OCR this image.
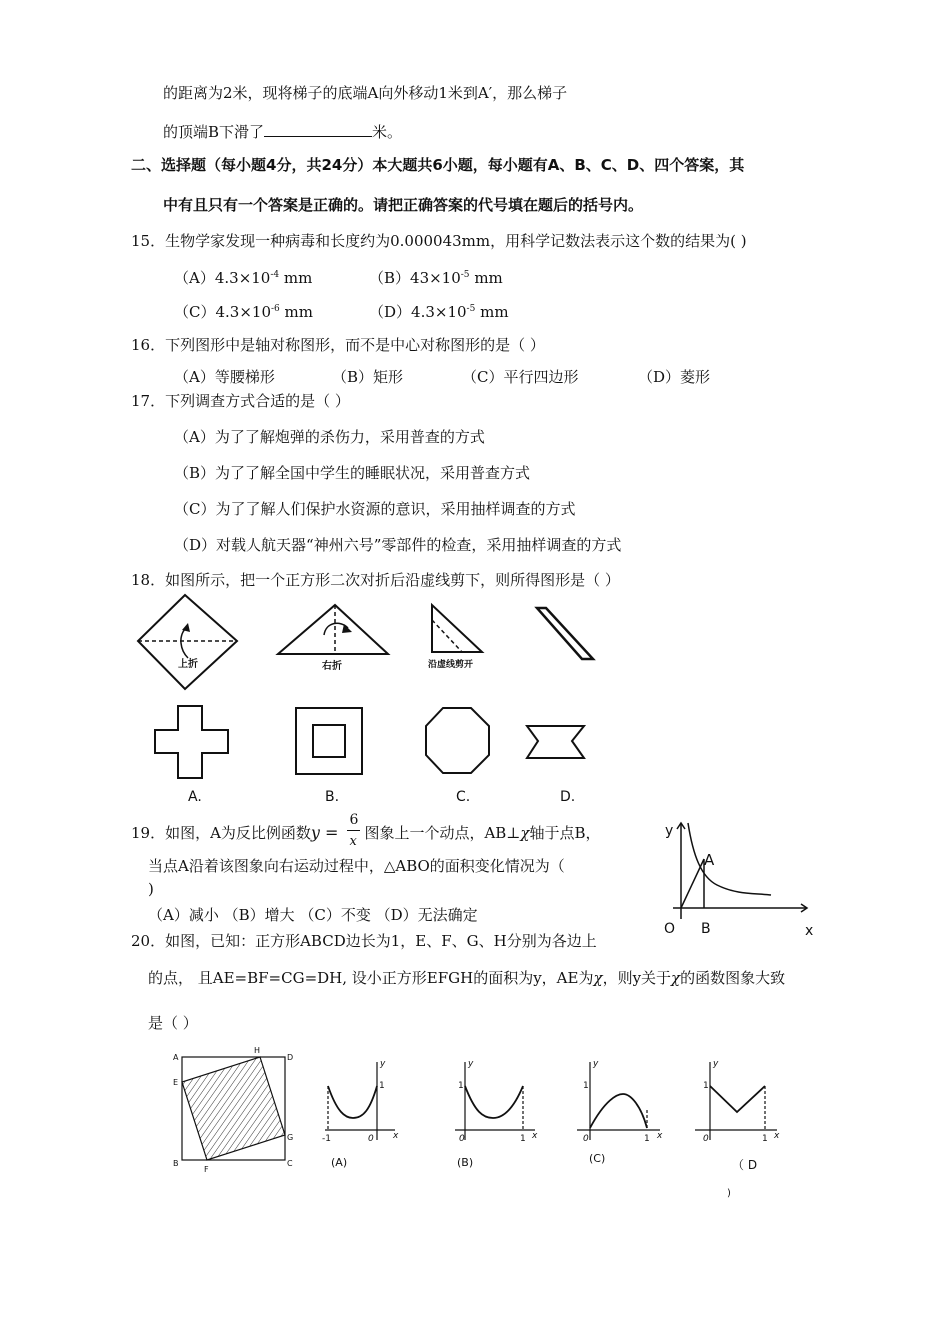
的距离为2米，现将梯子的底端A向外移动1米到A′，那么梯子
的顶端B下滑了	米。
二、选择题（每小题4分，共24分）本大题共6小题，每小题有A、B、C、D、四个答案，其
中有且只有一个答案是正确的。请把正确答案的代号填在题后的括号内。
15．生物学家发现一种病毒和长度约为0.000043mm，用科学记数法表示这个数的结果为( )
$(A)4.3\times 10^{-4}$ mm	$(B)43\times 10^{-5}$ mm
$(C)4.3\times 10^{-6}$ mm	$(D)4.3\times 10^{-5}$ mm
16．下列图形中是轴对称图形，而不是中心对称图形的是（ ）
（A）等腰梯形	（B）矩形	（C）平行四边形	（D）菱形
17．下列调查方式合适的是（ ）
（A）为了了解炮弹的杀伤力，采用普查的方式
（B）为了了解全国中学生的睡眠状况，采用普查方式
（C）为了了解人们保护水资源的意识，采用抽样调查的方式
（D）对载人航天器“神州六号”零部件的检查，采用抽样调查的方式
18．如图所示，把一个正方形二次对折后沿虚线剪下，则所得图形是（ ）
上折	右折	沿虚线剪开
A.	B.	C.	D.
19．如图，A为反比例函数$y = \frac{6}{x}$ 图象上一个动点，AB⊥χ轴于点B，
当点A沿着该图象向右运动过程中，△ABO的面积变化情况为（
)
（A）减小 （B）增大 （C）不变 （D）无法确定
y
A
O B	x
20．如图，已知：正方形ABCD边长为1，E、F、G、H分别为各边上
的点， 且AE=BF=CG=DH, 设小正方形EFGH的面积为y，AE为χ，则y关于χ的函数图象大致
是（ ）
A
H
D
E
G
B
F
C
y
1
-1	0 x
(A)
y
1
0	1 x
(B)
y
1
0	1 x
(C)
y
1
0	1 x
（ D
)
